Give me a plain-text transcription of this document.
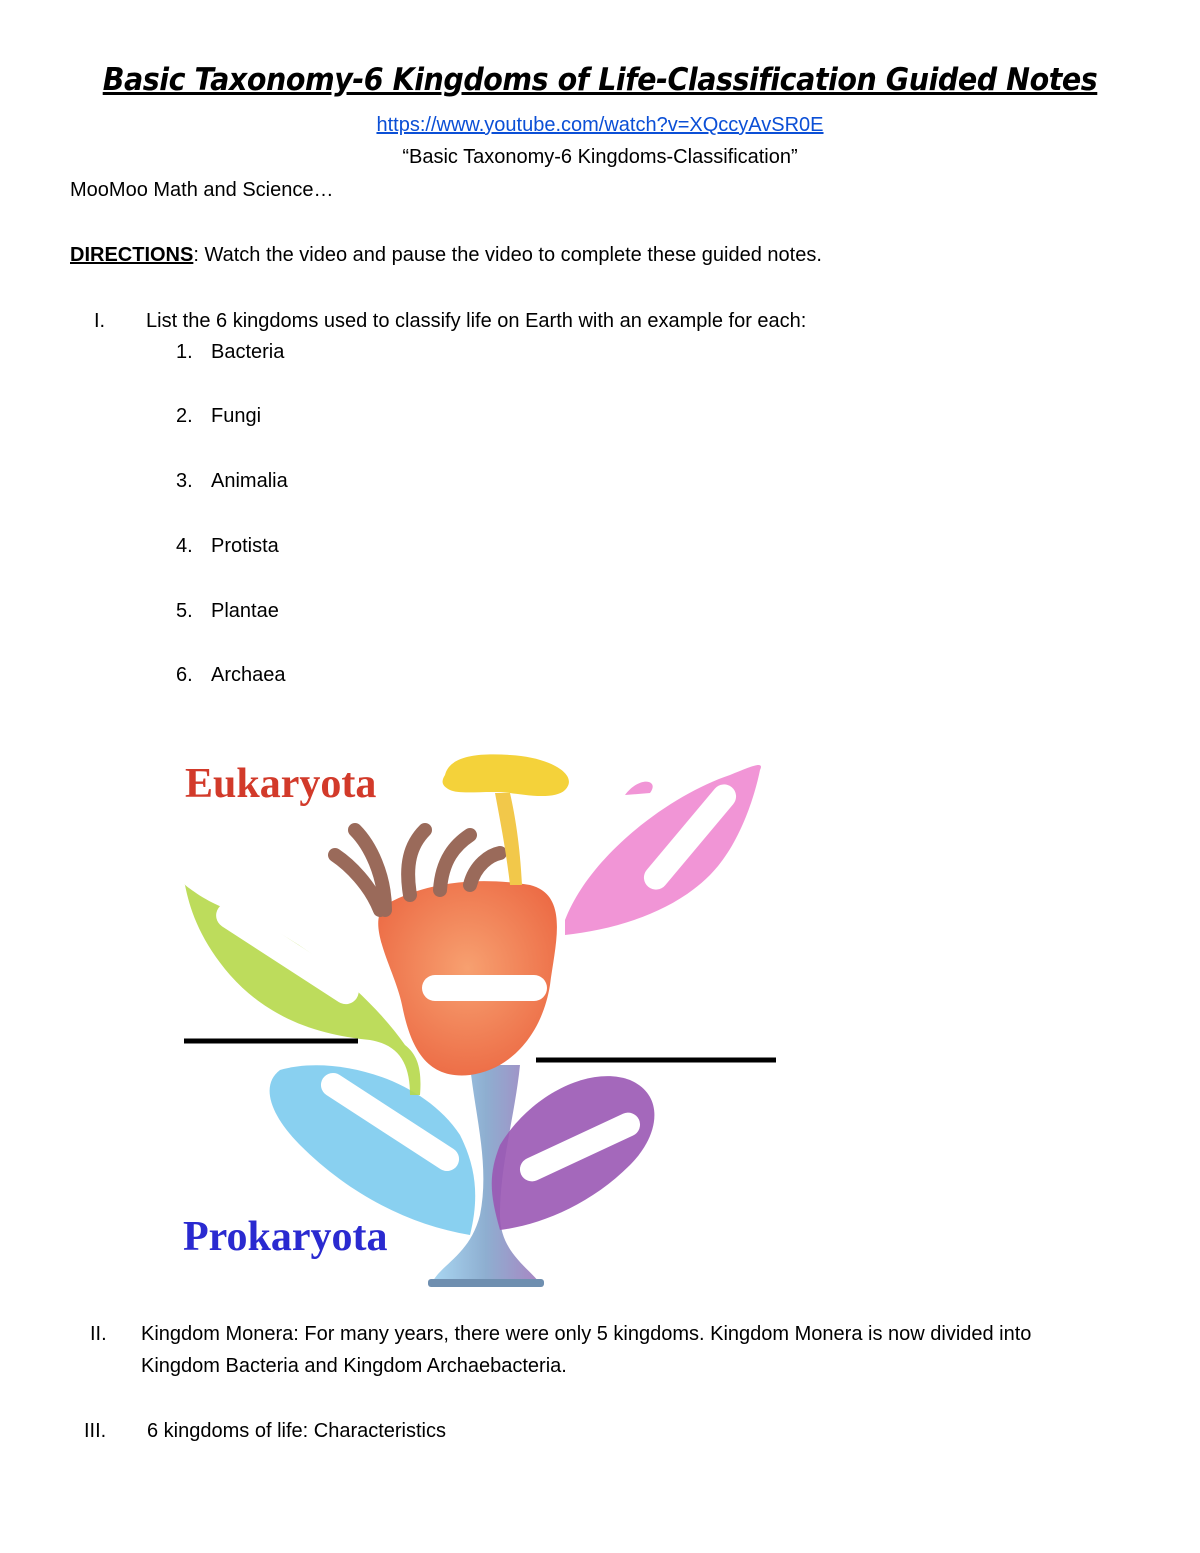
Basic Taxonomy-6 Kingdoms of Life-Classification Guided Notes
https://www.youtube.com/watch?v=XQccyAvSR0E
“Basic Taxonomy-6 Kingdoms-Classification”
MooMoo Math and Science…
DIRECTIONS: Watch the video and pause the video to complete these guided notes.
I. List the 6 kingdoms used to classify life on Earth with an example for each:
1. Bacteria
2. Fungi
3. Animalia
4. Protista
5. Plantae
6. Archaea
Eukaryota
Prokaryota
II. Kingdom Monera: For many years, there were only 5 kingdoms. Kingdom Monera is now divided into
Kingdom Bacteria and Kingdom Archaebacteria.
III. 6 kingdoms of life: Characteristics
